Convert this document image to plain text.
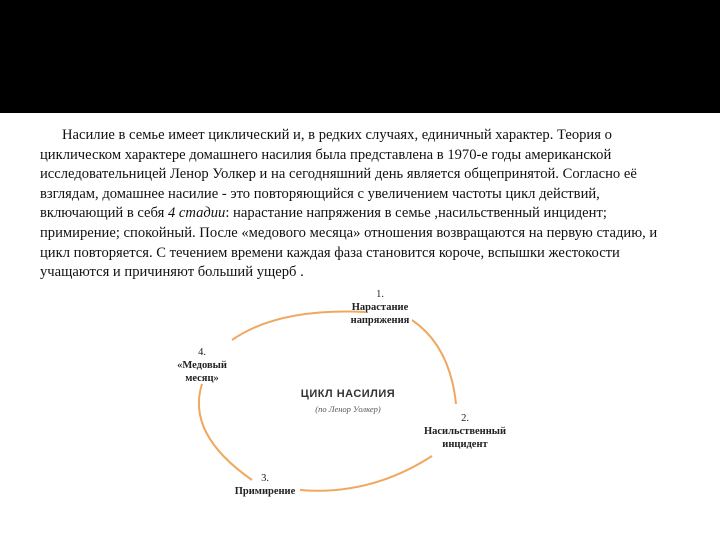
Насилие в семье имеет циклический и, в редких случаях, единичный характер. Теория о циклическом характере домашнего насилия была представлена в 1970-е годы американской исследовательницей Ленор Уолкер и на сегодняшний день является общепринятой. Согласно её взглядам, домашнее насилие - это повторяющийся с увеличением частоты цикл действий, включающий в себя 4 стадии: нарастание напряжения в семье ,насильственный инцидент; примирение; спокойный. После «медового месяца» отношения возвращаются на первую стадию, и цикл повторяется. С течением времени каждая фаза становится короче, вспышки жестокости учащаются и причиняют больший ущерб .

1.
Нарастание
напряжения
2.
Насильственный
инцидент
3.
Примирение
4.
«Медовый
месяц»
ЦИКЛ НАСИЛИЯ
(по Ленор Уолкер)
